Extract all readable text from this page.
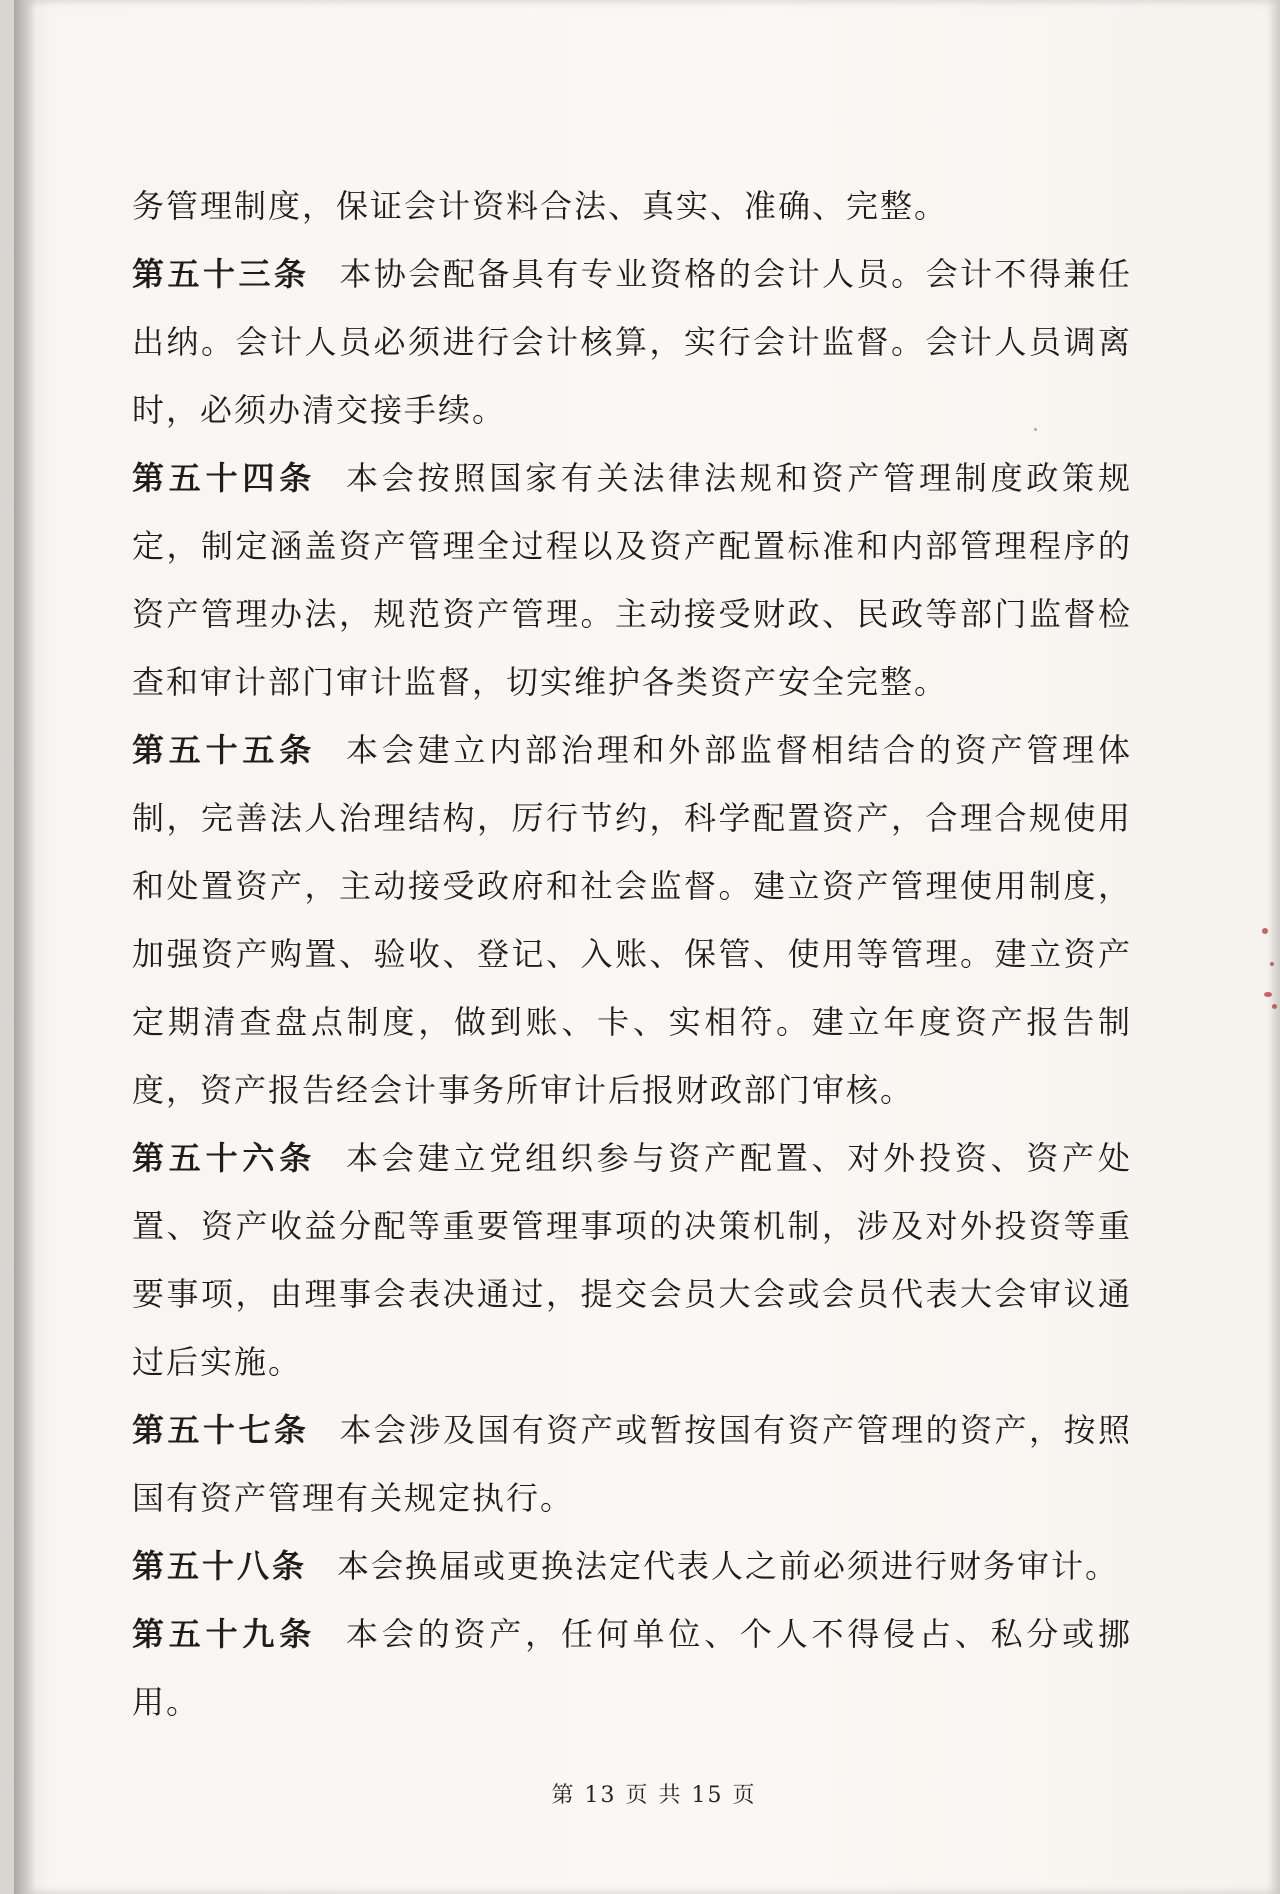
务管理制度，保证会计资料合法、真实、准确、完整。

第五十三条 本协会配备具有专业资格的会计人员。会计不得兼任出纳。会计人员必须进行会计核算，实行会计监督。会计人员调离时，必须办清交接手续。

第五十四条 本会按照国家有关法律法规和资产管理制度政策规定，制定涵盖资产管理全过程以及资产配置标准和内部管理程序的资产管理办法，规范资产管理。主动接受财政、民政等部门监督检查和审计部门审计监督，切实维护各类资产安全完整。

第五十五条 本会建立内部治理和外部监督相结合的资产管理体制，完善法人治理结构，厉行节约，科学配置资产，合理合规使用和处置资产，主动接受政府和社会监督。建立资产管理使用制度，加强资产购置、验收、登记、入账、保管、使用等管理。建立资产定期清查盘点制度，做到账、卡、实相符。建立年度资产报告制度，资产报告经会计事务所审计后报财政部门审核。

第五十六条 本会建立党组织参与资产配置、对外投资、资产处置、资产收益分配等重要管理事项的决策机制，涉及对外投资等重要事项，由理事会表决通过，提交会员大会或会员代表大会审议通过后实施。

第五十七条 本会涉及国有资产或暂按国有资产管理的资产，按照国有资产管理有关规定执行。

第五十八条 本会换届或更换法定代表人之前必须进行财务审计。

第五十九条 本会的资产，任何单位、个人不得侵占、私分或挪用。

第 13 页 共 15 页
